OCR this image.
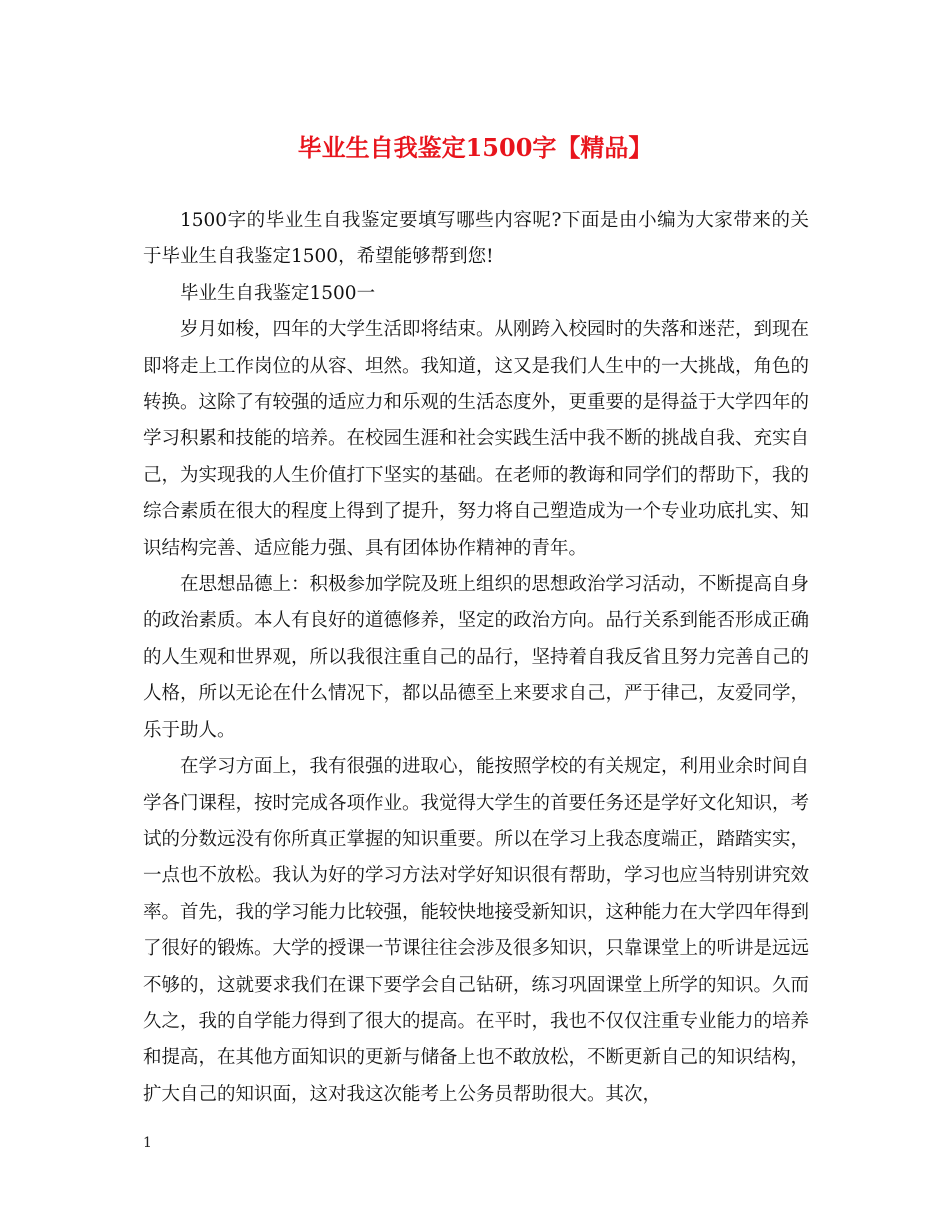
毕业生自我鉴定1500字【精品】

1500字的毕业生自我鉴定要填写哪些内容呢?下面是由小编为大家带来的关于毕业生自我鉴定1500，希望能够帮到您!

毕业生自我鉴定1500一

岁月如梭，四年的大学生活即将结束。从刚跨入校园时的失落和迷茫，到现在即将走上工作岗位的从容、坦然。我知道，这又是我们人生中的一大挑战，角色的转换。这除了有较强的适应力和乐观的生活态度外，更重要的是得益于大学四年的学习积累和技能的培养。在校园生涯和社会实践生活中我不断的挑战自我、充实自己，为实现我的人生价值打下坚实的基础。在老师的教诲和同学们的帮助下，我的综合素质在很大的程度上得到了提升，努力将自己塑造成为一个专业功底扎实、知识结构完善、适应能力强、具有团体协作精神的青年。

在思想品德上：积极参加学院及班上组织的思想政治学习活动，不断提高自身的政治素质。本人有良好的道德修养，坚定的政治方向。品行关系到能否形成正确的人生观和世界观，所以我很注重自己的品行，坚持着自我反省且努力完善自己的人格，所以无论在什么情况下，都以品德至上来要求自己，严于律己，友爱同学，乐于助人。

在学习方面上，我有很强的进取心，能按照学校的有关规定，利用业余时间自学各门课程，按时完成各项作业。我觉得大学生的首要任务还是学好文化知识，考试的分数远没有你所真正掌握的知识重要。所以在学习上我态度端正，踏踏实实，一点也不放松。我认为好的学习方法对学好知识很有帮助，学习也应当特别讲究效率。首先，我的学习能力比较强，能较快地接受新知识，这种能力在大学四年得到了很好的锻炼。大学的授课一节课往往会涉及很多知识，只靠课堂上的听讲是远远不够的，这就要求我们在课下要学会自己钻研，练习巩固课堂上所学的知识。久而久之，我的自学能力得到了很大的提高。在平时，我也不仅仅注重专业能力的培养和提高，在其他方面知识的更新与储备上也不敢放松，不断更新自己的知识结构，扩大自己的知识面，这对我这次能考上公务员帮助很大。其次，

1
